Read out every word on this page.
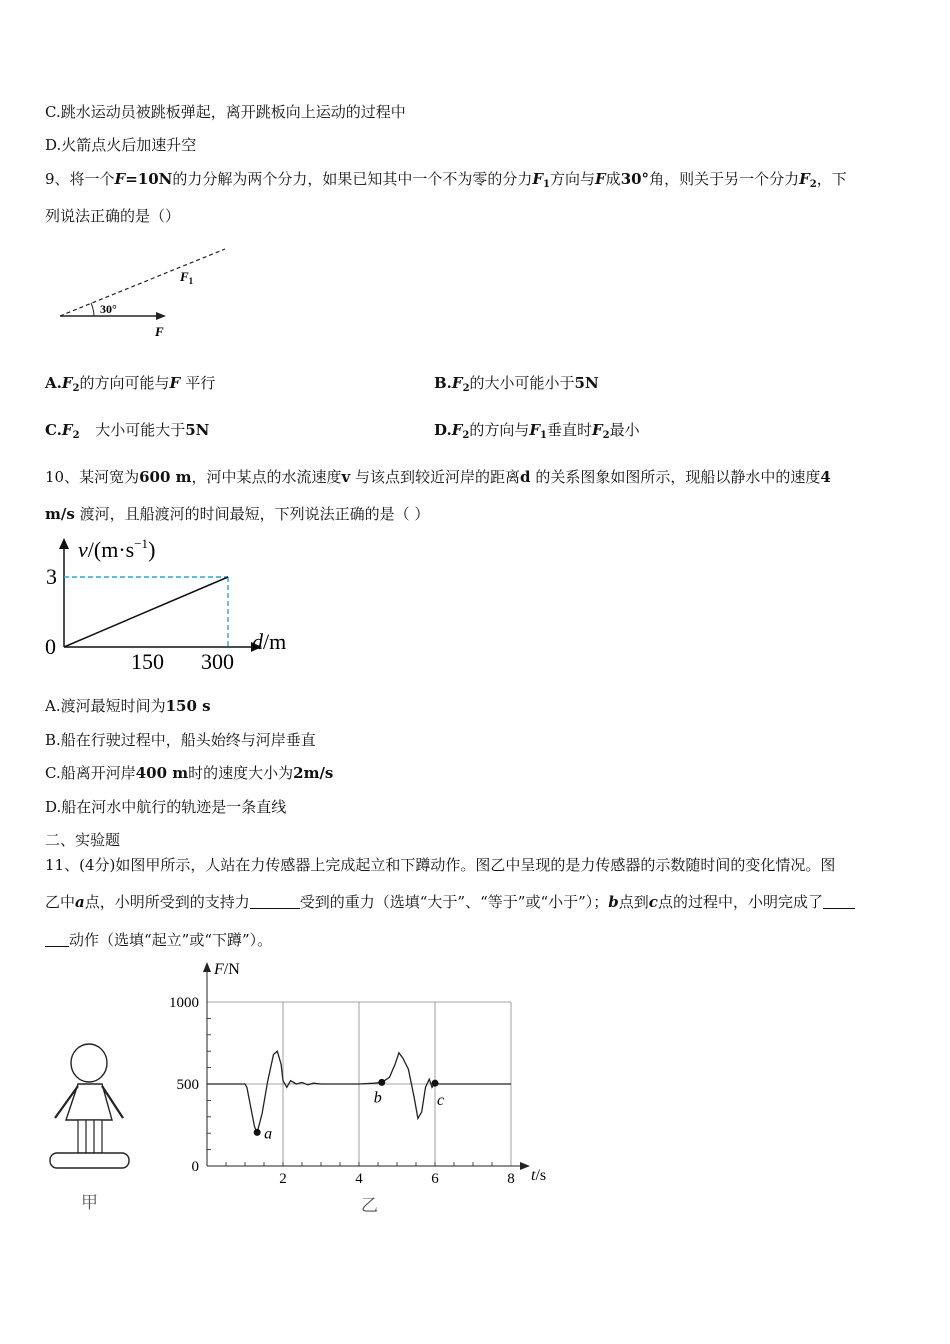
C.跳水运动员被跳板弹起，离开跳板向上运动的过程中
D.火箭点火后加速升空
9、将一个F=10N的力分解为两个分力，如果已知其中一个不为零的分力$F_1$方向与F成30°角，则关于另一个分力$F_2$，下
列说法正确的是（）
30°
$F_1$
F
$A.F_2$的方向可能与F 平行	$B.F_2$的大小可能小于5N
$C.F_2$ 大小可能大于5N	$D.F_2$的方向与$F_1$垂直时$F_2$最小
10、某河宽为600 m，河中某点的水流速度v 与该点到较近河岸的距离d 的关系图象如图所示，现船以静水中的速度4
m/s 渡河，且船渡河的时间最短，下列说法正确的是（ ）
$v/(m\cdot s^{-1})$
3
0
150 300
d/m
A.渡河最短时间为150 s
B.船在行驶过程中，船头始终与河岸垂直
C.船离开河岸400 m时的速度大小为2m/s
D.船在河水中航行的轨迹是一条直线
二、实验题
11、(4分)如图甲所示，人站在力传感器上完成起立和下蹲动作。图乙中呈现的是力传感器的示数随时间的变化情况。图
乙中a点，小明所受到的支持力	受到的重力（选填“大于”、“等于”或“小于”）；b点到c点的过程中，小明完成了
动作（选填“起立”或“下蹲”）。
甲
0
500
1000
2	4	6	8
a
b	c
F/N
t/s
乙
